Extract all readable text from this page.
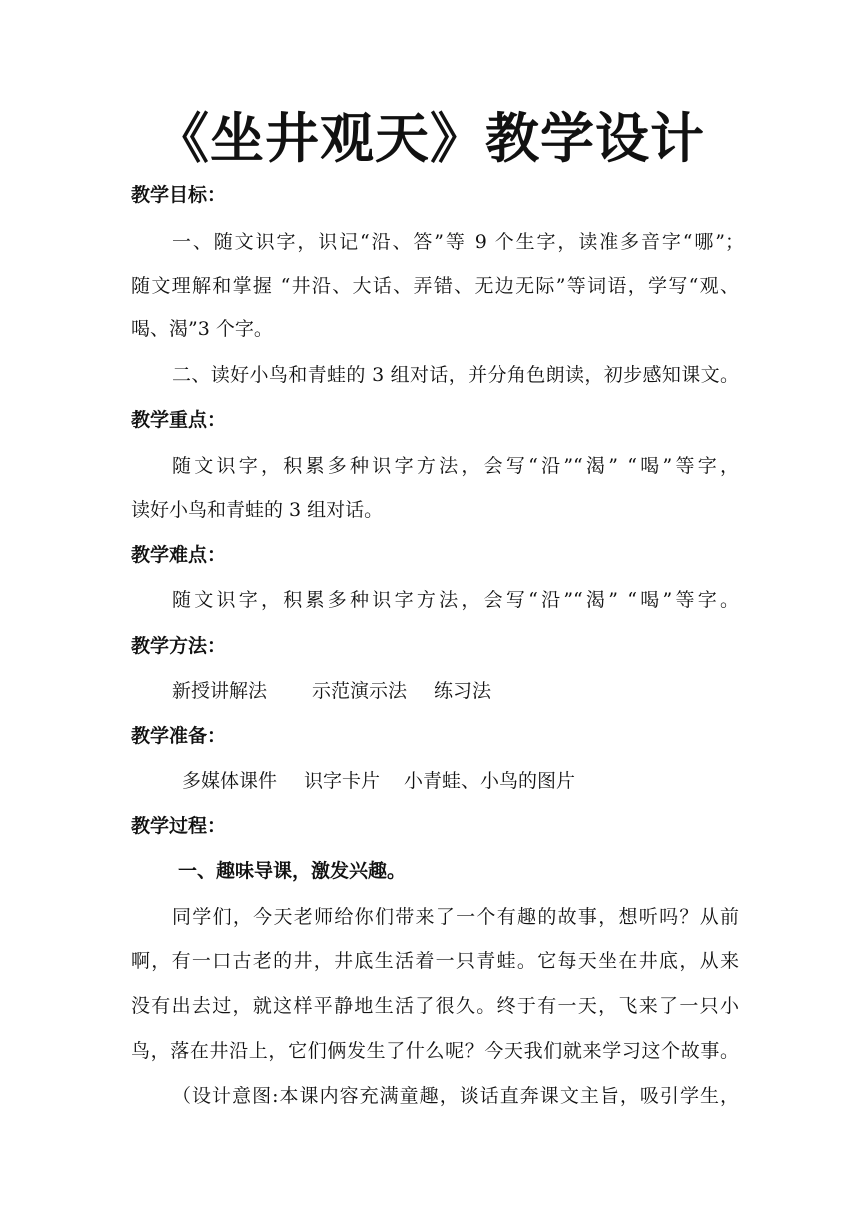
《坐井观天》教学设计
教学目标：
一、随文识字，识记“沿、答”等 9 个生字，读准多音字“哪”；
随文理解和掌握 “井沿、大话、弄错、无边无际”等词语，学写“观、
喝、渴”3 个字。
二、读好小鸟和青蛙的 3 组对话，并分角色朗读，初步感知课文。
教学重点：
随文识字，积累多种识字方法，会写“沿”“渴” “喝”等字，
读好小鸟和青蛙的 3 组对话。
教学难点：
随文识字，积累多种识字方法，会写“沿”“渴” “喝”等字。
教学方法：
新授讲解法 示范演示法 练习法
教学准备：
多媒体课件 识字卡片 小青蛙、小鸟的图片
教学过程：
一、趣味导课，激发兴趣。
同学们，今天老师给你们带来了一个有趣的故事，想听吗？从前
啊，有一口古老的井，井底生活着一只青蛙。它每天坐在井底，从来
没有出去过，就这样平静地生活了很久。终于有一天，飞来了一只小
鸟，落在井沿上，它们俩发生了什么呢？今天我们就来学习这个故事。
（设计意图:本课内容充满童趣，谈话直奔课文主旨，吸引学生，
